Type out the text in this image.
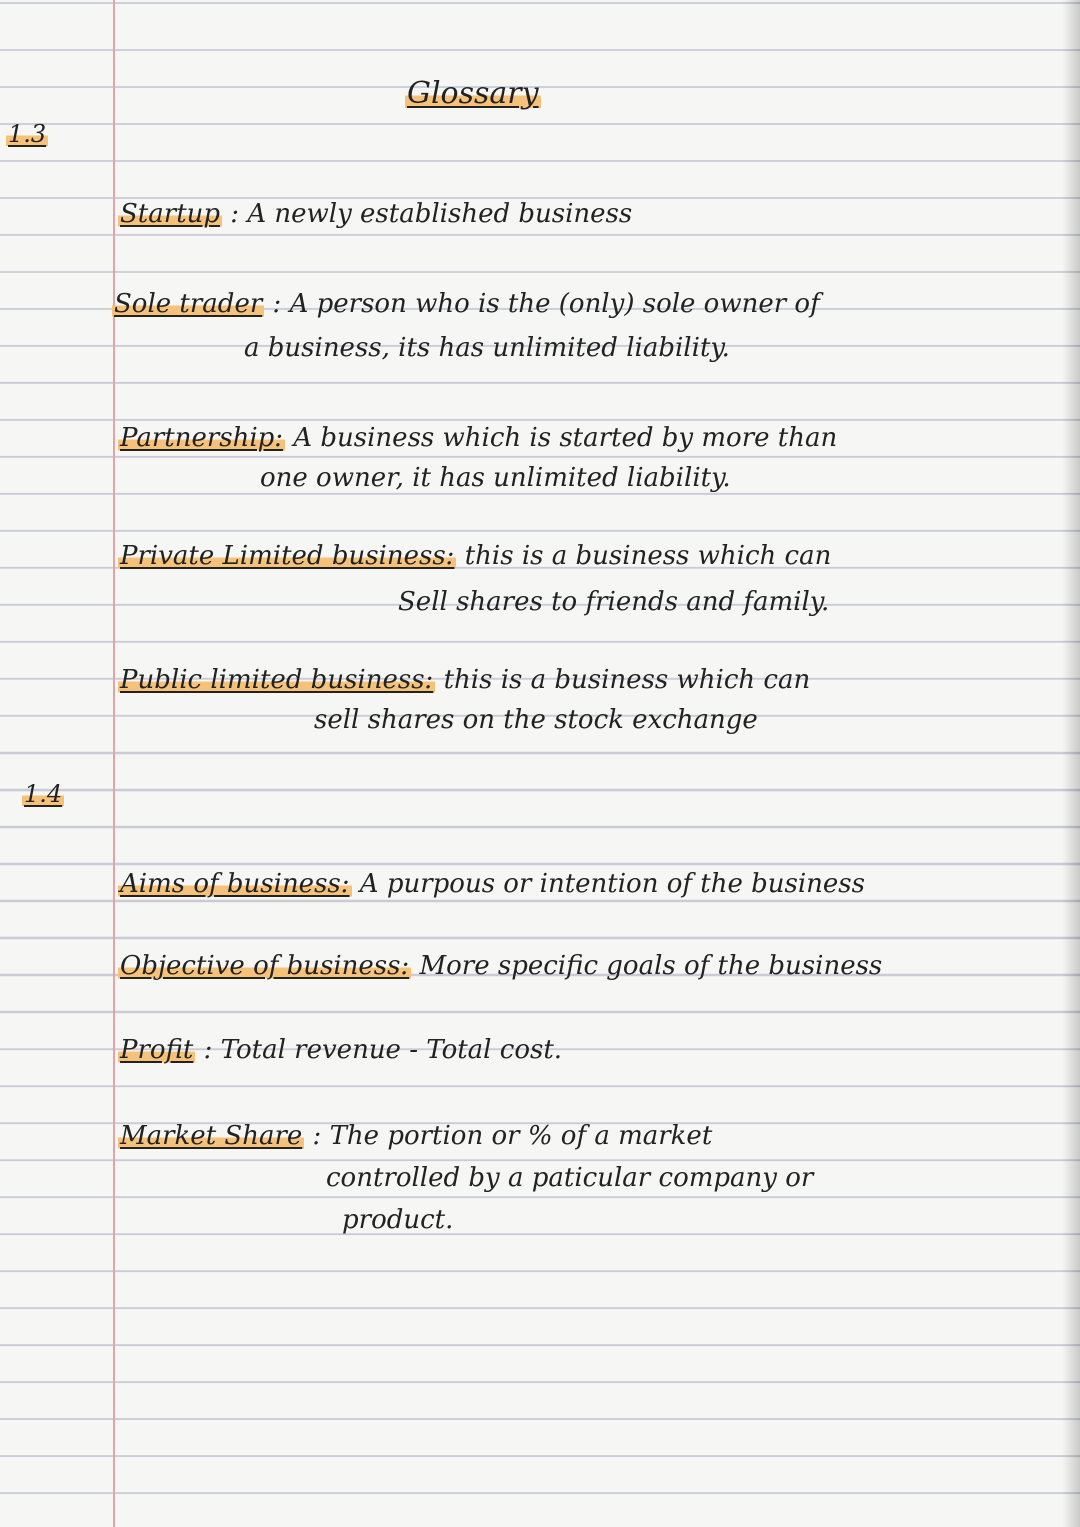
Glossary
1.3
Startup : A newly established business
Sole trader : A person who is the (only) sole owner of
a business, its has unlimited liability.
Partnership: A business which is started by more than
one owner, it has unlimited liability.
Private Limited business: this is a business which can
Sell shares to friends and family.
Public limited business: this is a business which can
sell shares on the stock exchange
1.4
Aims of business: A purpous or intention of the business
Objective of business: More specific goals of the business
Profit : Total revenue - Total cost.
Market Share : The portion or % of a market
controlled by a paticular company or
product.
